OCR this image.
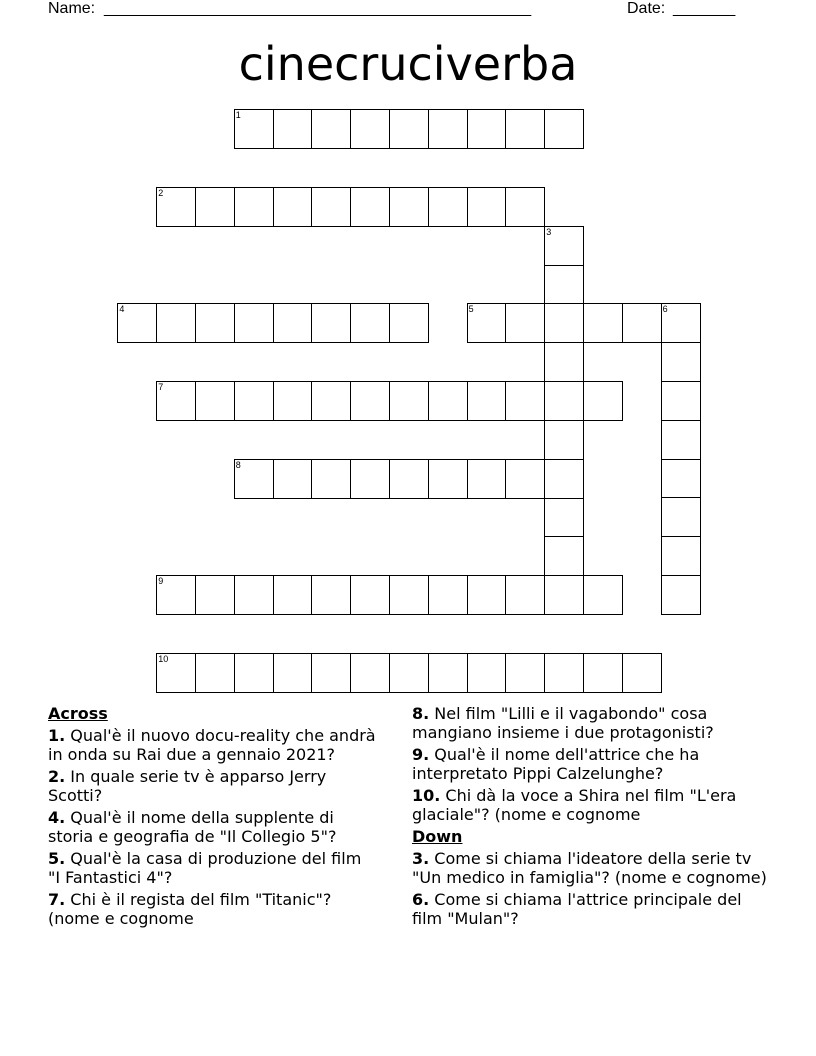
Name: ________________________________________________	Date: _______
cinecruciverba
1
2
3
4	5	6
7
8
9
10
Across
1. Qual'è il nuovo docu-reality che andrà in onda su Rai due a gennaio 2021?
2. In quale serie tv è apparso Jerry Scotti?
4. Qual'è il nome della supplente di storia e geografia de "Il Collegio 5"?
5. Qual'è la casa di produzione del film "I Fantastici 4"?
7. Chi è il regista del film "Titanic"? (nome e cognome
8. Nel film "Lilli e il vagabondo" cosa mangiano insieme i due protagonisti?
9. Qual'è il nome dell'attrice che ha interpretato Pippi Calzelunghe?
10. Chi dà la voce a Shira nel film "L'era glaciale"? (nome e cognome
Down
3. Come si chiama l'ideatore della serie tv "Un medico in famiglia"? (nome e cognome)
6. Come si chiama l'attrice principale del film "Mulan"?
